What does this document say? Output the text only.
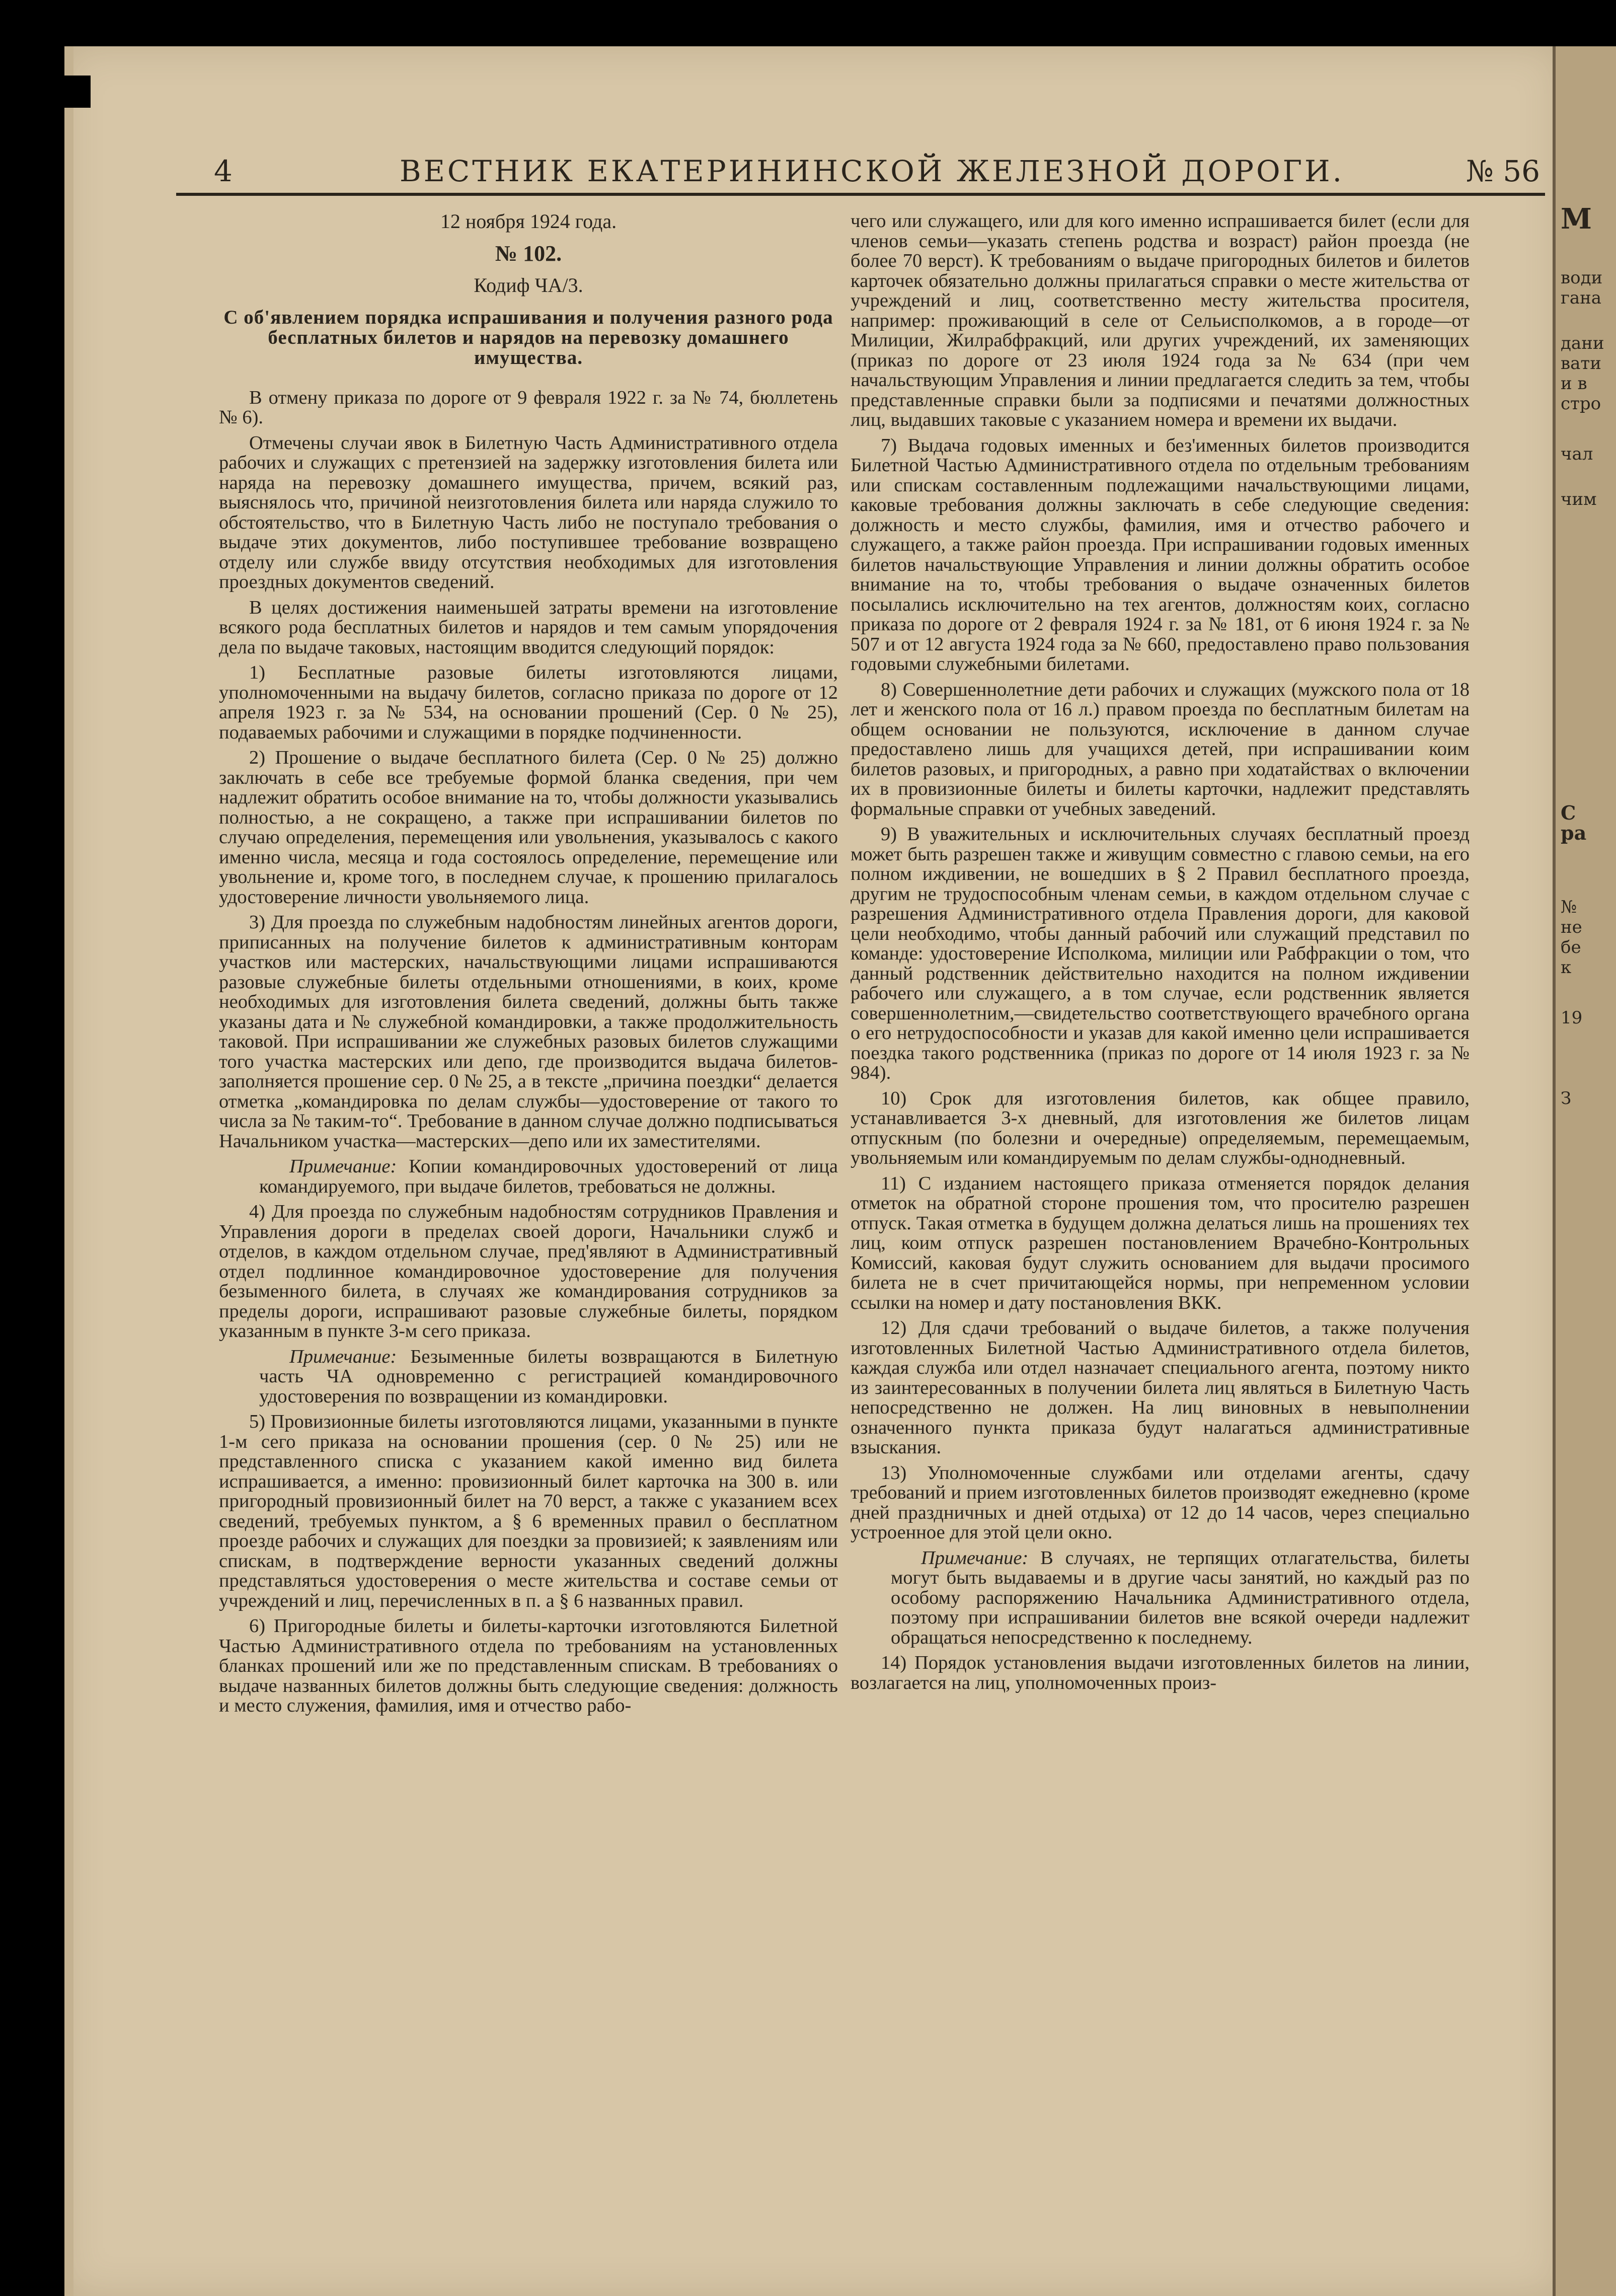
М
води
гана
дани
вати
и в
стро
чал
чим
С
ра
№
не
бе
к
19
З
4	ВЕСТНИК ЕКАТЕРИНИНСКОЙ ЖЕЛЕЗНОЙ ДОРОГИ.	№ 56

12 ноября 1924 года.

№ 102.

Кодиф ЧА/3.

С об'явлением порядка испрашивания и получения разного рода бесплатных билетов и нарядов на перевозку домашнего имущества.

В отмену приказа по дороге от 9 февраля 1922 г. за № 74, бюллетень № 6).

Отмечены случаи явок в Билетную Часть Административного отдела рабочих и служащих с претензией на задержку изготовления билета или наряда на перевозку домашнего имущества, причем, всякий раз, выяснялось что, причиной неизготовления билета или наряда служило то обстоятельство, что в Билетную Часть либо не поступало требования о выдаче этих документов, либо поступившее требование возвращено отделу или службе ввиду отсутствия необходимых для изготовления проездных документов сведений.

В целях достижения наименьшей затраты времени на изготовление всякого рода бесплатных билетов и нарядов и тем самым упорядочения дела по выдаче таковых, настоящим вводится следующий порядок:

1) Бесплатные разовые билеты изготовляются лицами, уполномоченными на выдачу билетов, согласно приказа по дороге от 12 апреля 1923 г. за № 534, на основании прошений (Сер. 0 № 25), подаваемых рабочими и служащими в порядке подчиненности.

2) Прошение о выдаче бесплатного билета (Сер. 0 № 25) должно заключать в себе все требуемые формой бланка сведения, при чем надлежит обратить особое внимание на то, чтобы должности указывались полностью, а не сокращено, а также при испрашивании билетов по случаю определения, перемещения или увольнения, указывалось с какого именно числа, месяца и года состоялось определение, перемещение или увольнение и, кроме того, в последнем случае, к прошению прилагалось удостоверение личности увольняемого лица.

3) Для проезда по служебным надобностям линейных агентов дороги, приписанных на получение билетов к административным конторам участков или мастерских, начальствующими лицами испрашиваются разовые служебные билеты отдельными отношениями, в коих, кроме необходимых для изготовления билета сведений, должны быть также указаны дата и № служебной командировки, а также продолжительность таковой. При испрашивании же служебных разовых билетов служащими того участка мастерских или депо, где производится выдача билетов-заполняется прошение сер. 0 № 25, а в тексте „причина поездки“ делается отметка „командировка по делам службы—удостоверение от такого то числа за № таким-то“. Требование в данном случае должно подписываться Начальником участка—мастерских—депо или их заместителями.

Примечание: Копии командировочных удостоверений от лица командируемого, при выдаче билетов, требоваться не должны.

4) Для проезда по служебным надобностям сотрудников Правления и Управления дороги в пределах своей дороги, Начальники служб и отделов, в каждом отдельном случае, пред'являют в Административный отдел подлинное командировочное удостоверение для получения безыменного билета, в случаях же командирования сотрудников за пределы дороги, испрашивают разовые служебные билеты, порядком указанным в пункте 3-м сего приказа.

Примечание: Безыменные билеты возвращаются в Билетную часть ЧА одновременно с регистрацией командировочного удостоверения по возвращении из командировки.

5) Провизионные билеты изготовляются лицами, указанными в пункте 1-м сего приказа на основании прошения (сер. 0 № 25) или не представленного списка с указанием какой именно вид билета испрашивается, а именно: провизионный билет карточка на 300 в. или пригородный провизионный билет на 70 верст, а также с указанием всех сведений, требуемых пунктом, а § 6 временных правил о бесплатном проезде рабочих и служащих для поездки за провизией; к заявлениям или спискам, в подтверждение верности указанных сведений должны представляться удостоверения о месте жительства и составе семьи от учреждений и лиц, перечисленных в п. а § 6 названных правил.

6) Пригородные билеты и билеты-карточки изготовляются Билетной Частью Административного отдела по требованиям на установленных бланках прошений или же по представленным спискам. В требованиях о выдаче названных билетов должны быть следующие сведения: должность и место служения, фамилия, имя и отчество рабо-

чего или служащего, или для кого именно испрашивается билет (если для членов семьи—указать степень родства и возраст) район проезда (не более 70 верст). К требованиям о выдаче пригородных билетов и билетов карточек обязательно должны прилагаться справки о месте жительства от учреждений и лиц, соответственно месту жительства просителя, например: проживающий в селе от Сельисполкомов, а в городе—от Милиции, Жилрабфракций, или других учреждений, их заменяющих (приказ по дороге от 23 июля 1924 года за № 634 (при чем начальствующим Управления и линии предлагается следить за тем, чтобы представленные справки были за подписями и печатями должностных лиц, выдавших таковые с указанием номера и времени их выдачи.

7) Выдача годовых именных и без'именных билетов производится Билетной Частью Административного отдела по отдельным требованиям или спискам составленным подлежащими начальствующими лицами, каковые требования должны заключать в себе следующие сведения: должность и место службы, фамилия, имя и отчество рабочего и служащего, а также район проезда. При испрашивании годовых именных билетов начальствующие Управления и линии должны обратить особое внимание на то, чтобы требования о выдаче означенных билетов посылались исключительно на тех агентов, должностям коих, согласно приказа по дороге от 2 февраля 1924 г. за № 181, от 6 июня 1924 г. за № 507 и от 12 августа 1924 года за № 660, предоставлено право пользования годовыми служебными билетами.

8) Совершеннолетние дети рабочих и служащих (мужского пола от 18 лет и женского пола от 16 л.) правом проезда по бесплатным билетам на общем основании не пользуются, исключение в данном случае предоставлено лишь для учащихся детей, при испрашивании коим билетов разовых, и пригородных, а равно при ходатайствах о включении их в провизионные билеты и билеты карточки, надлежит представлять формальные справки от учебных заведений.

9) В уважительных и исключительных случаях бесплатный проезд может быть разрешен также и живущим совместно с главою семьи, на его полном иждивении, не вошедших в § 2 Правил бесплатного проезда, другим не трудоспособным членам семьи, в каждом отдельном случае с разрешения Административного отдела Правления дороги, для каковой цели необходимо, чтобы данный рабочий или служащий представил по команде: удостоверение Исполкома, милиции или Рабфракции о том, что данный родственник действительно находится на полном иждивении рабочего или служащего, а в том случае, если родственник является совершеннолетним,—свидетельство соответствующего врачебного органа о его нетрудоспособности и указав для какой именно цели испрашивается поездка такого родственника (приказ по дороге от 14 июля 1923 г. за № 984).

10) Срок для изготовления билетов, как общее правило, устанавливается 3-х дневный, для изготовления же билетов лицам отпускным (по болезни и очередные) определяемым, перемещаемым, увольняемым или командируемым по делам службы-однодневный.

11) С изданием настоящего приказа отменяется порядок делания отметок на обратной стороне прошения том, что просителю разрешен отпуск. Такая отметка в будущем должна делаться лишь на прошениях тех лиц, коим отпуск разрешен постановлением Врачебно-Контрольных Комиссий, каковая будут служить основанием для выдачи просимого билета не в счет причитающейся нормы, при непременном условии ссылки на номер и дату постановления ВКК.

12) Для сдачи требований о выдаче билетов, а также получения изготовленных Билетной Частью Административного отдела билетов, каждая служба или отдел назначает специального агента, поэтому никто из заинтересованных в получении билета лиц являться в Билетную Часть непосредственно не должен. На лиц виновных в невыполнении означенного пункта приказа будут налагаться административные взыскания.

13) Уполномоченные службами или отделами агенты, сдачу требований и прием изготовленных билетов производят ежедневно (кроме дней праздничных и дней отдыха) от 12 до 14 часов, через специально устроенное для этой цели окно.

Примечание: В случаях, не терпящих отлагательства, билеты могут быть выдаваемы и в другие часы занятий, но каждый раз по особому распоряжению Начальника Административного отдела, поэтому при испрашивании билетов вне всякой очереди надлежит обращаться непосредственно к последнему.

14) Порядок установления выдачи изготовленных билетов на линии, возлагается на лиц, уполномоченных произ-
